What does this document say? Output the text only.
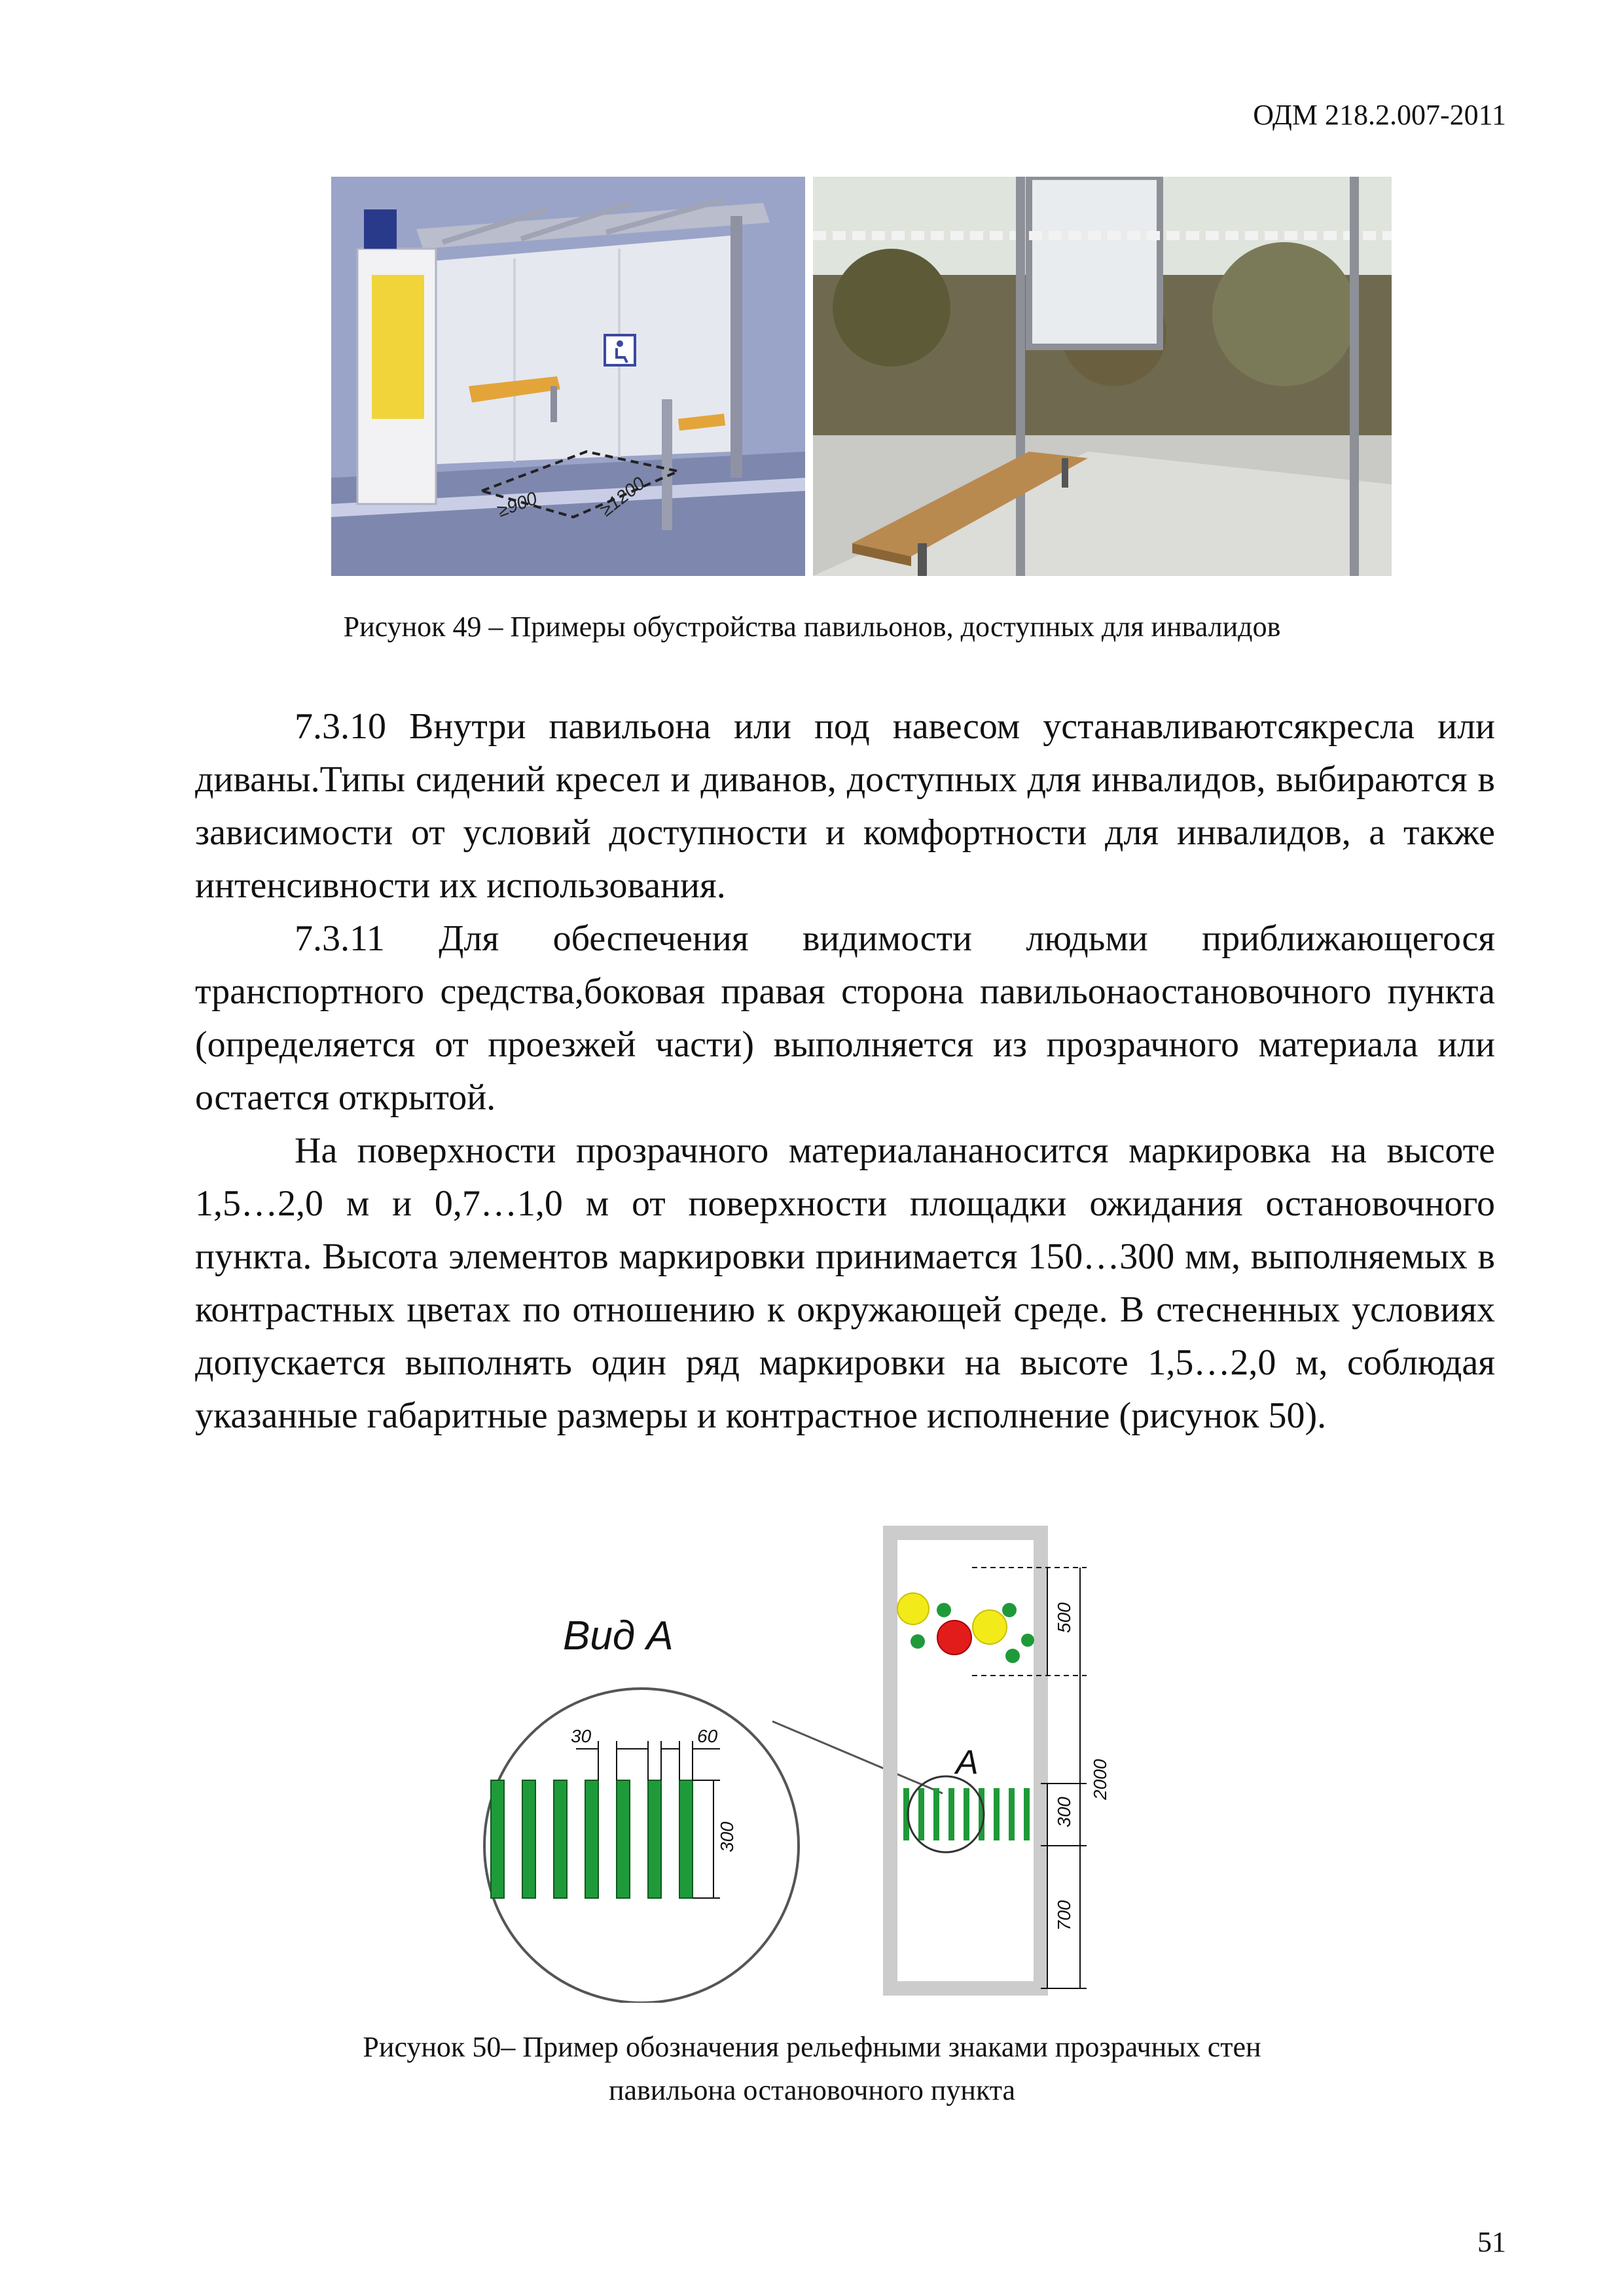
ОДМ 218.2.007-2011
≥900	≥1200
Рисунок 49 – Примеры обустройства павильонов, доступных для инвалидов

7.3.10 Внутри павильона или под навесом устанавливаютсякресла или диваны.Типы сидений кресел и диванов, доступных для инвалидов, выбираются в зависимости от условий доступности и комфортности для инвалидов, а также интенсивности их использования.

7.3.11 Для обеспечения видимости людьми приближающегося транспортного средства,боковая правая сторона павильонаостановочного пункта (определяется от проезжей части) выполняется из прозрачного материала или остается открытой.

На поверхности прозрачного материалананосится маркировка на высоте 1,5…2,0 м и 0,7…1,0 м от поверхности площадки ожидания остановочного пункта. Высота элементов маркировки принимается 150…300 мм, выполняемых в контрастных цветах по отношению к окружающей среде. В стесненных условиях допускается выполнять один ряд маркировки на высоте 1,5…2,0 м, соблюдая указанные габаритные размеры и контрастное исполнение (рисунок 50).

Вид А
30	60
300
А
500
2000
300
700
Рисунок 50– Пример обозначения рельефными знаками прозрачных стен
павильона остановочного пункта
51
